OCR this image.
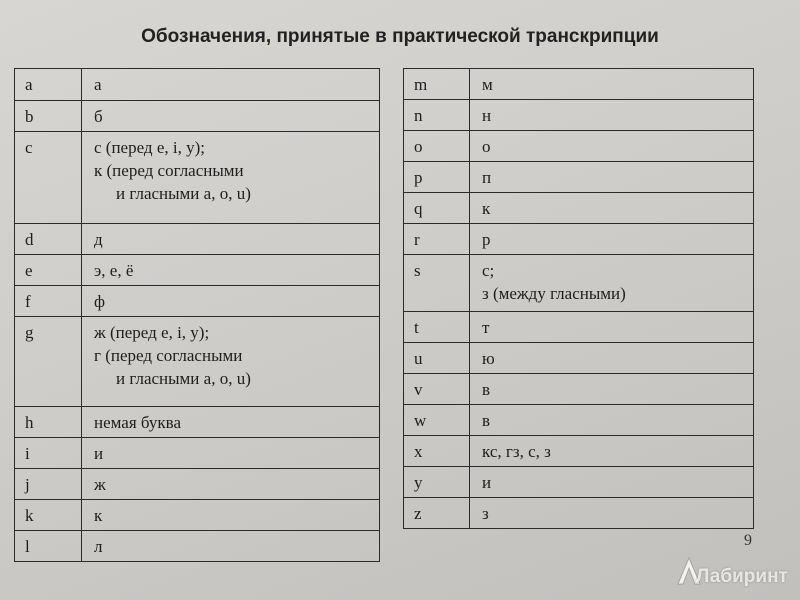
Обозначения, принятые в практической транскрипции
a	а

b	б

c	с (перед e, i, y);
к (перед согласными
и гласными a, o, u)

d	д

e	э, е, ё

f	ф

g	ж (перед e, i, y);
г (перед согласными
и гласными a, o, u)

h	немая буква

i	и

j	ж

k	к

l	л
m	м

n	н

o	о

p	п

q	к

r	р

s	с;
з (между гласными)

t	т

u	ю

v	в

w	в

x	кс, гз, с, з

y	и

z	з
9
Лабиринт
